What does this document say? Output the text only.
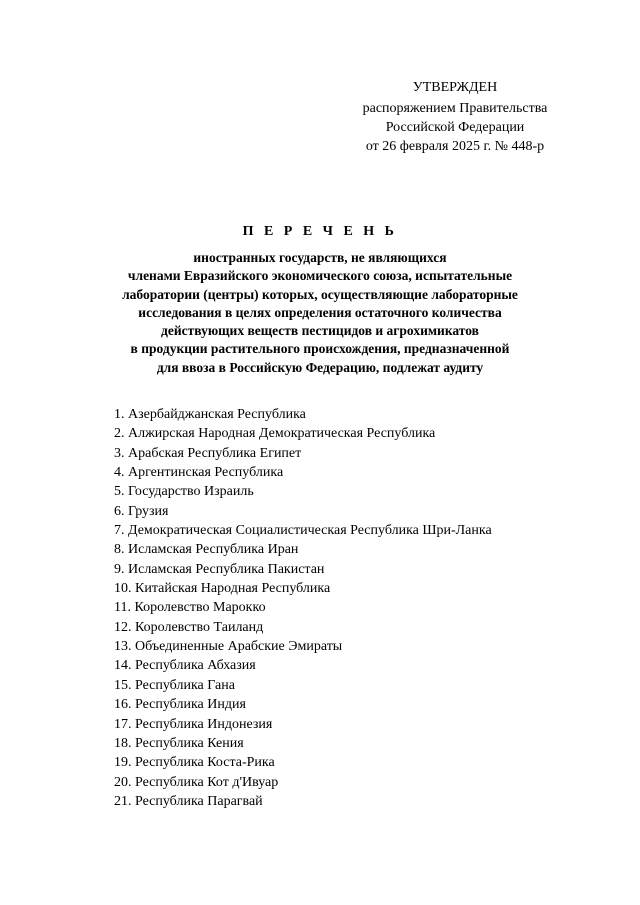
УТВЕРЖДЕН
распоряжением Правительства
Российской Федерации
от 26 февраля 2025 г. № 448-р
П Е Р Е Ч Е Н Ь
иностранных государств, не являющихся
членами Евразийского экономического союза, испытательные
лаборатории (центры) которых, осуществляющие лабораторные
исследования в целях определения остаточного количества
действующих веществ пестицидов и агрохимикатов
в продукции растительного происхождения, предназначенной
для ввоза в Российскую Федерацию, подлежат аудиту
1. Азербайджанская Республика
2. Алжирская Народная Демократическая Республика
3. Арабская Республика Египет
4. Аргентинская Республика
5. Государство Израиль
6. Грузия
7. Демократическая Социалистическая Республика Шри-Ланка
8. Исламская Республика Иран
9. Исламская Республика Пакистан
10. Китайская Народная Республика
11. Королевство Марокко
12. Королевство Таиланд
13. Объединенные Арабские Эмираты
14. Республика Абхазия
15. Республика Гана
16. Республика Индия
17. Республика Индонезия
18. Республика Кения
19. Республика Коста-Рика
20. Республика Кот д'Ивуар
21. Республика Парагвай
